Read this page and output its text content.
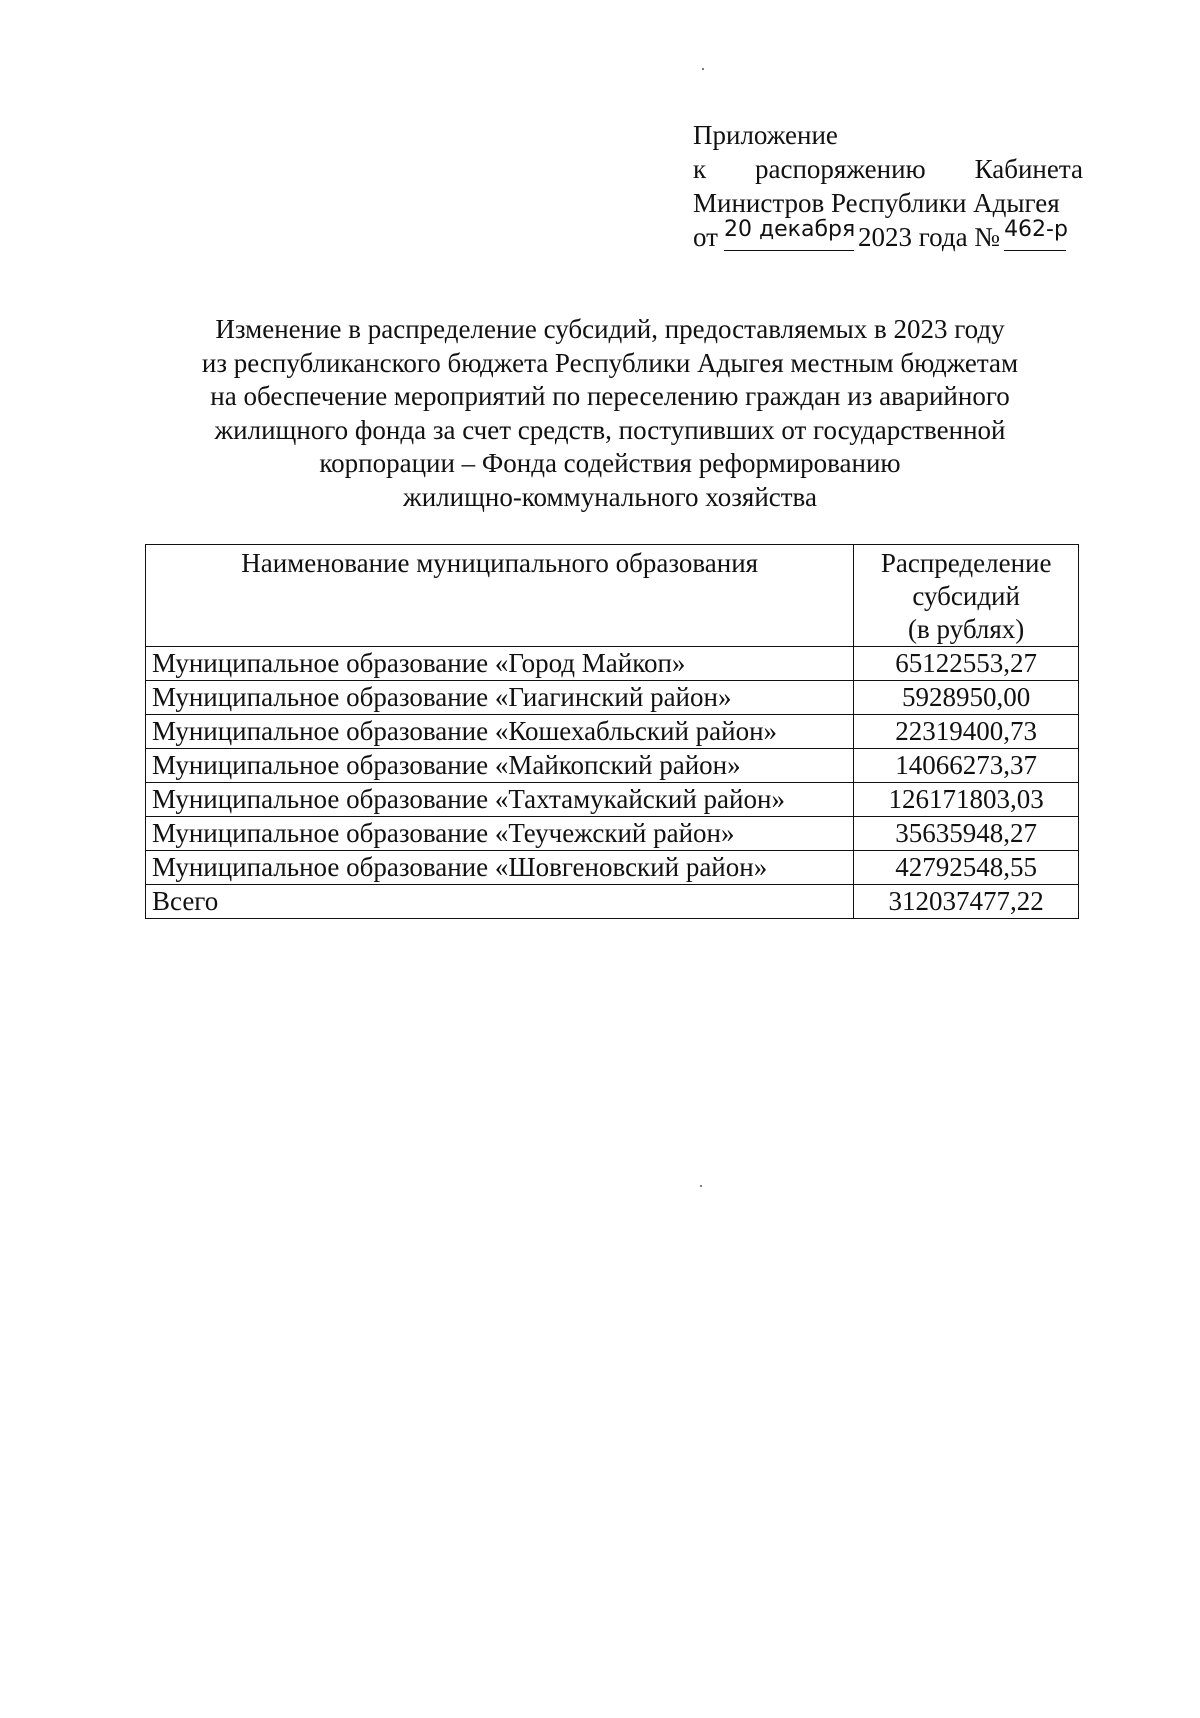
Приложение
к распоряжению Кабинета
Министров Республики Адыгея
от 20 декабря 2023 года № 462-р
Изменение в распределение субсидий, предоставляемых в 2023 году
из республиканского бюджета Республики Адыгея местным бюджетам
на обеспечение мероприятий по переселению граждан из аварийного
жилищного фонда за счет средств, поступивших от государственной
корпорации – Фонда содействия реформированию
жилищно-коммунального хозяйства
Наименование муниципального образования	Распределение
субсидий
(в рублях)

Муниципальное образование «Город Майкоп»	65122553,27
Муниципальное образование «Гиагинский район»	5928950,00
Муниципальное образование «Кошехабльский район»	22319400,73
Муниципальное образование «Майкопский район»	14066273,37
Муниципальное образование «Тахтамукайский район»	126171803,03
Муниципальное образование «Теучежский район»	35635948,27
Муниципальное образование «Шовгеновский район»	42792548,55
Всего	312037477,22
